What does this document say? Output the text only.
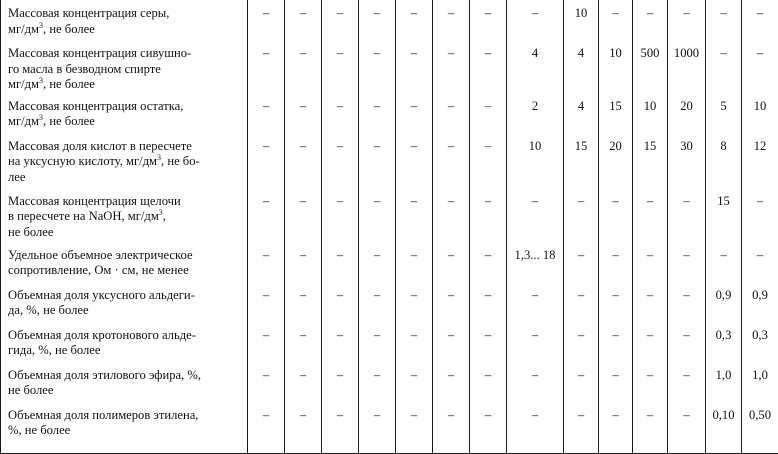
Массовая концентрация серы,
$мг/дм^3$, не более	–	–	–	–	–	–	–	–	10	–	–	–	–	–

Массовая концентрация сивушно-
го масла в безводном спирте
$мг/дм^3$, не более	–	–	–	–	–	–	–	4	4	10	500	1000	–	–

Массовая концентрация остатка,
$мг/дм^3$, не более	–	–	–	–	–	–	–	2	4	15	10	20	5	10

Массовая доля кислот в пересчете
на уксусную кислоту, $мг/дм^3$, не бо-
лее	–	–	–	–	–	–	–	10	15	20	15	30	8	12

Массовая концентрация щелочи
в пересчете на NaOH, $мг/дм^3$,
не более	–	–	–	–	–	–	–	–	–	–	–	–	15	–

Удельное объемное электрическое
сопротивление, Ом · см, не менее	–	–	–	–	–	–	–	1,3... 18	–	–	–	–	–	–

Объемная доля уксусного альдеги-
да, %, не более	–	–	–	–	–	–	–	–	–	–	–	–	0,9	0,9

Объемная доля кротонового альде-
гида, %, не более	–	–	–	–	–	–	–	–	–	–	–	–	0,3	0,3

Объемная доля этилового эфира, %,
не более	–	–	–	–	–	–	–	–	–	–	–	–	1,0	1,0

Объемная доля полимеров этилена,
%, не более	–	–	–	–	–	–	–	–	–	–	–	–	0,10	0,50
